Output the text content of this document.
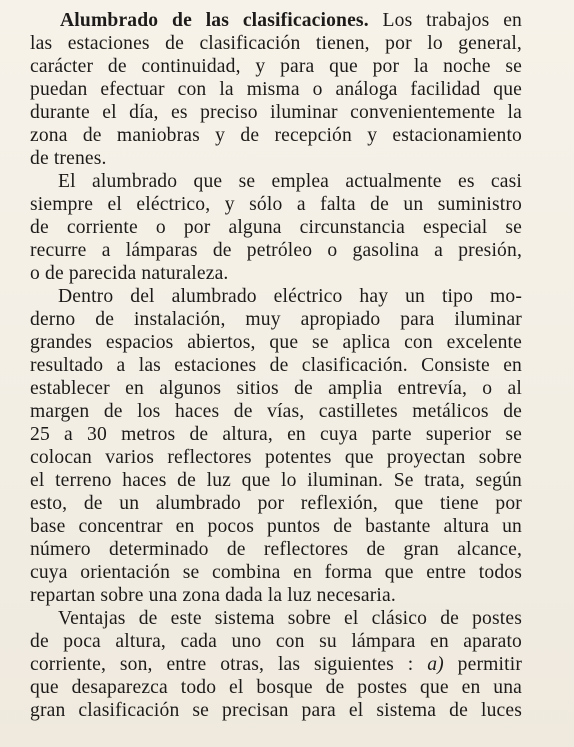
Alumbrado de las clasificaciones. Los trabajos en
las estaciones de clasificación tienen, por lo general,
carácter de continuidad, y para que por la noche se
puedan efectuar con la misma o análoga facilidad que
durante el día, es preciso iluminar convenientemente la
zona de maniobras y de recepción y estacionamiento
de trenes.
El alumbrado que se emplea actualmente es casi
siempre el eléctrico, y sólo a falta de un suministro
de corriente o por alguna circunstancia especial se
recurre a lámparas de petróleo o gasolina a presión,
o de parecida naturaleza.
Dentro del alumbrado eléctrico hay un tipo mo-
derno de instalación, muy apropiado para iluminar
grandes espacios abiertos, que se aplica con excelente
resultado a las estaciones de clasificación. Consiste en
establecer en algunos sitios de amplia entrevía, o al
margen de los haces de vías, castilletes metálicos de
25 a 30 metros de altura, en cuya parte superior se
colocan varios reflectores potentes que proyectan sobre
el terreno haces de luz que lo iluminan. Se trata, según
esto, de un alumbrado por reflexión, que tiene por
base concentrar en pocos puntos de bastante altura un
número determinado de reflectores de gran alcance,
cuya orientación se combina en forma que entre todos
repartan sobre una zona dada la luz necesaria.
Ventajas de este sistema sobre el clásico de postes
de poca altura, cada uno con su lámpara en aparato
corriente, son, entre otras, las siguientes : a) permitir
que desaparezca todo el bosque de postes que en una
gran clasificación se precisan para el sistema de luces
